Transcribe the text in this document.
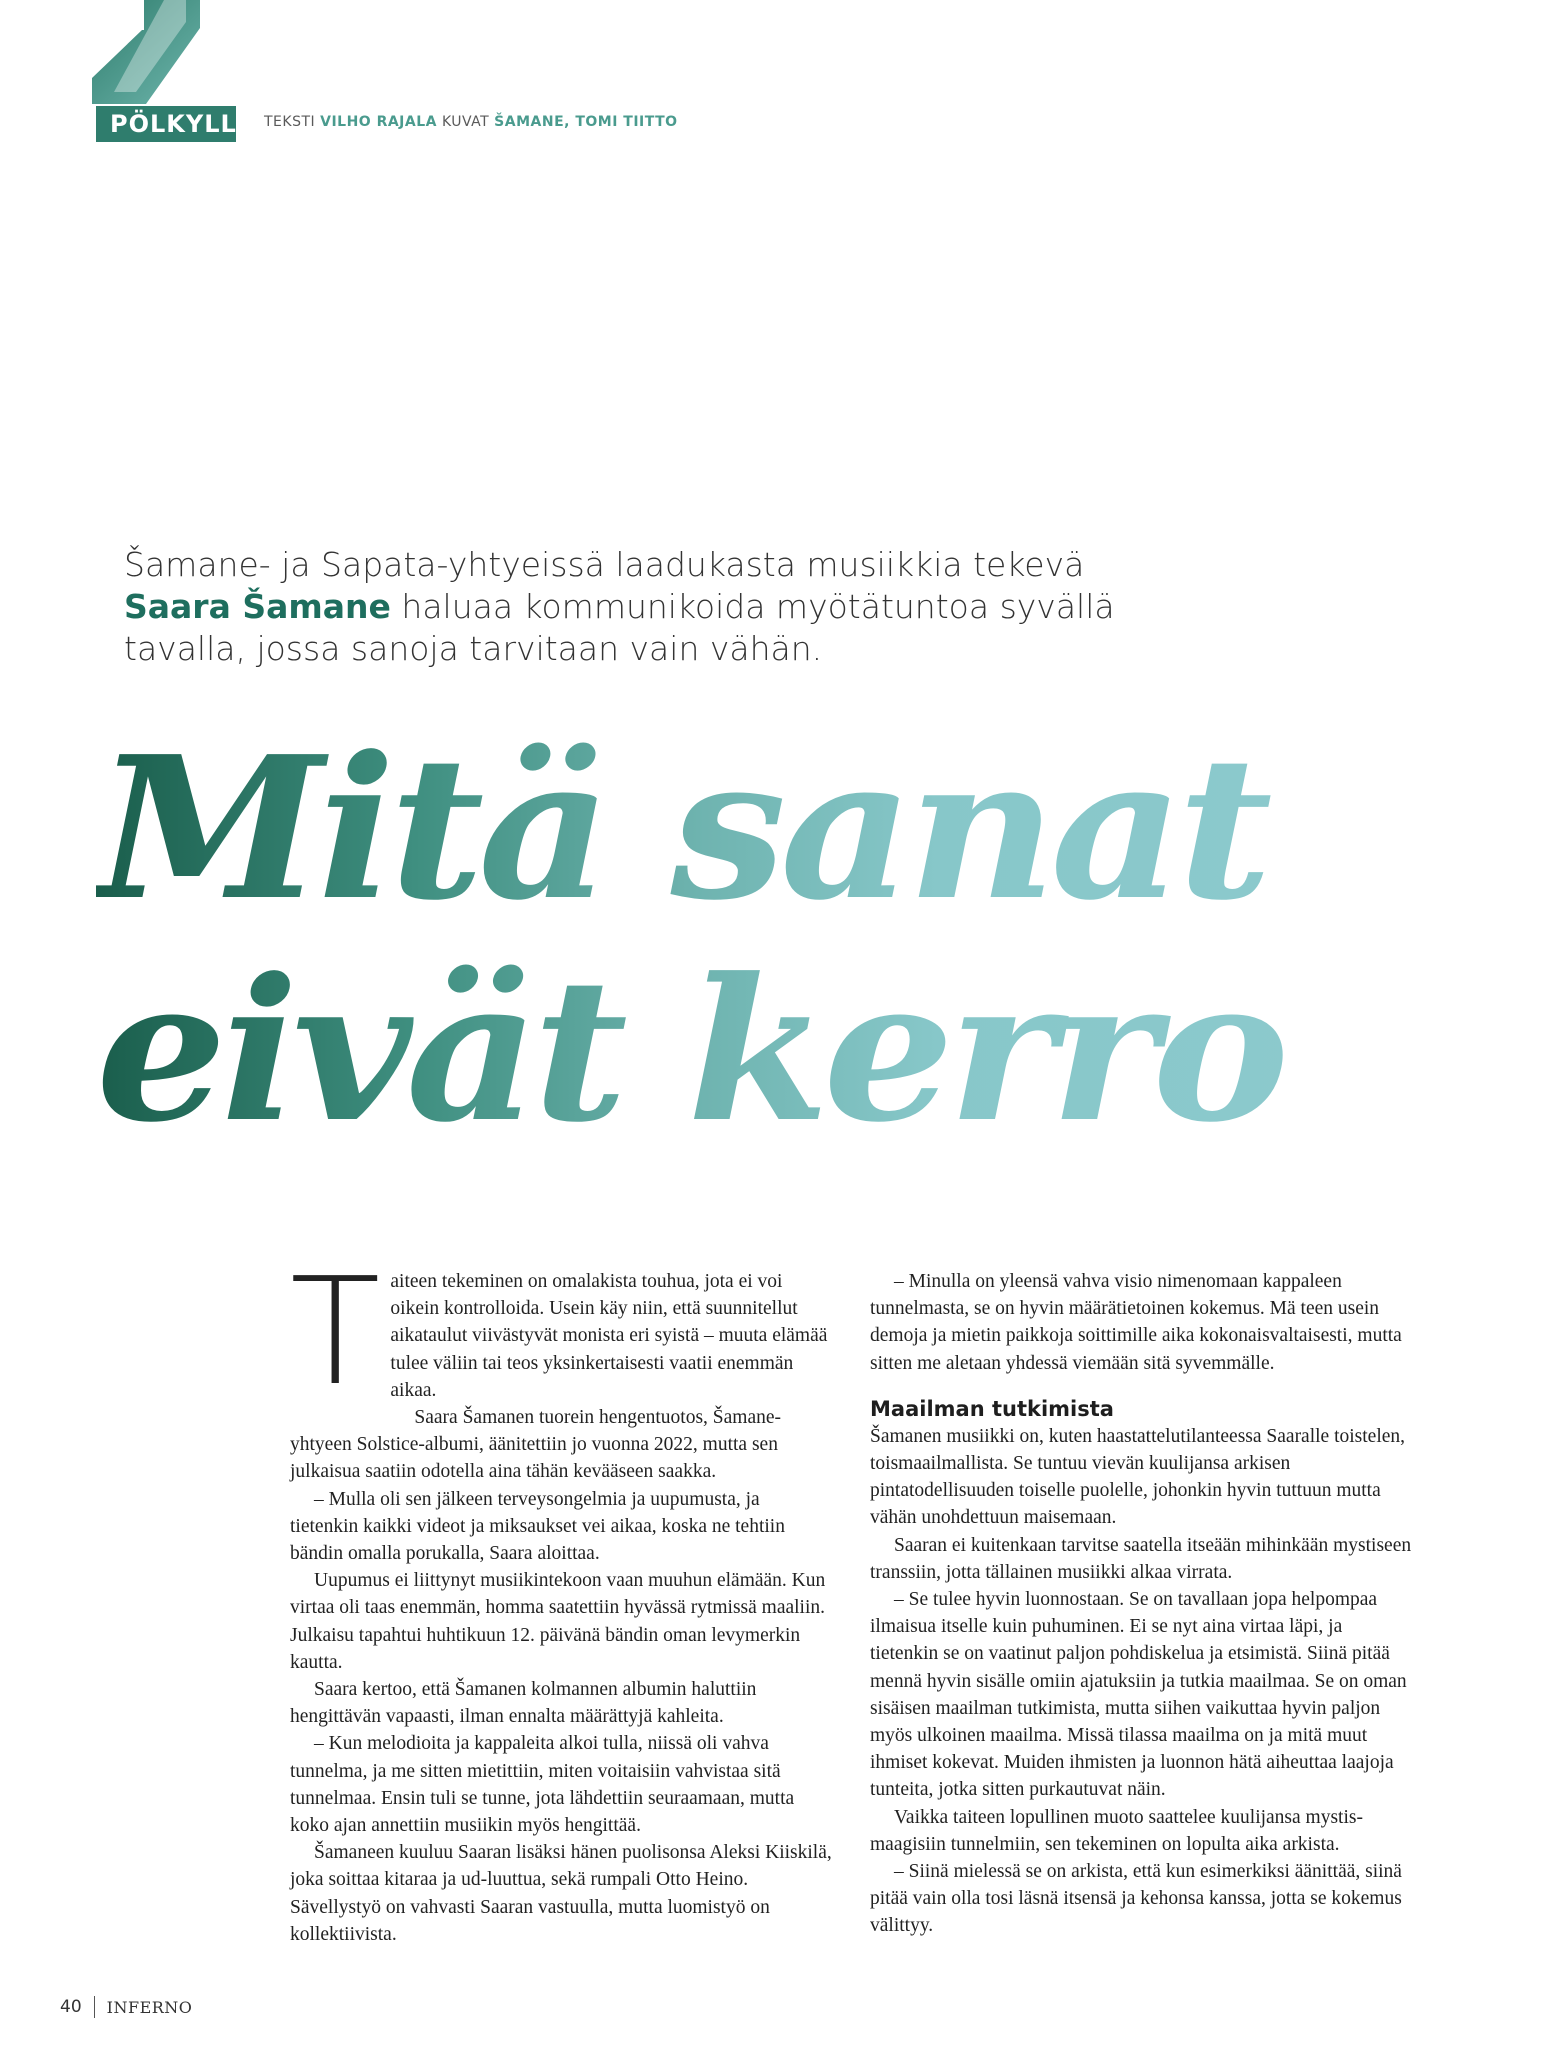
PÖLKYLLÄ TEKSTI VILHO RAJALA KUVAT ŠAMANE, TOMI TIITTO
Šamane- ja Sapata-yhtyeissä laadukasta musiikkia tekevä
Saara Šamane haluaa kommunikoida myötätuntoa syvällä tavalla, jossa sanoja tarvitaan vain vähän.
Mitä sanat
eivät kerro
T aiteen tekeminen on omalakista touhua, jota ei voi oikein kontrolloida. Usein käy niin, että suunnitellut aikataulut viivästyvät monista eri syistä – muuta elämää tulee väliin tai teos yksinkertaisesti vaatii enemmän aikaa.

Saara Šamanen tuorein hengentuotos, Šamane-yhtyeen Solstice-albumi, äänitettiin jo vuonna 2022, mutta sen julkaisua saatiin odotella aina tähän kevääseen saakka.

– Mulla oli sen jälkeen terveysongelmia ja uupumusta, ja tietenkin kaikki videot ja miksaukset vei aikaa, koska ne tehtiin bändin omalla porukalla, Saara aloittaa.

Uupumus ei liittynyt musiikintekoon vaan muuhun elämään. Kun virtaa oli taas enemmän, homma saatettiin hyvässä rytmissä maaliin. Julkaisu tapahtui huhtikuun 12. päivänä bändin oman levymerkin kautta.

Saara kertoo, että Šamanen kolmannen albumin haluttiin hengittävän vapaasti, ilman ennalta määrättyjä kahleita.

– Kun melodioita ja kappaleita alkoi tulla, niissä oli vahva tunnelma, ja me sitten mietittiin, miten voitaisiin vahvistaa sitä tunnelmaa. Ensin tuli se tunne, jota lähdettiin seuraamaan, mutta koko ajan annettiin musiikin myös hengittää.

Šamaneen kuuluu Saaran lisäksi hänen puolisonsa Aleksi Kiiskilä, joka soittaa kitaraa ja ud-luuttua, sekä rumpali Otto Heino. Sävellystyö on vahvasti Saaran vastuulla, mutta luomistyö on kollektiivista.

– Minulla on yleensä vahva visio nimenomaan kappaleen tunnelmasta, se on hyvin määrätietoinen kokemus. Mä teen usein demoja ja mietin paikkoja soittimille aika kokonaisvaltaisesti, mutta sitten me aletaan yhdessä viemään sitä syvemmälle.

Maailman tutkimista

Šamanen musiikki on, kuten haastattelutilanteessa Saaralle toistelen, toismaailmallista. Se tuntuu vievän kuulijansa arkisen pintatodellisuuden toiselle puolelle, johonkin hyvin tuttuun mutta vähän unohdettuun maisemaan.

Saaran ei kuitenkaan tarvitse saatella itseään mihinkään mystiseen transsiin, jotta tällainen musiikki alkaa virrata.

– Se tulee hyvin luonnostaan. Se on tavallaan jopa helpompaa ilmaisua itselle kuin puhuminen. Ei se nyt aina virtaa läpi, ja tietenkin se on vaatinut paljon pohdiskelua ja etsimistä. Siinä pitää mennä hyvin sisälle omiin ajatuksiin ja tutkia maailmaa. Se on oman sisäisen maailman tutkimista, mutta siihen vaikuttaa hyvin paljon myös ulkoinen maailma. Missä tilassa maailma on ja mitä muut ihmiset kokevat. Muiden ihmisten ja luonnon hätä aiheuttaa laajoja tunteita, jotka sitten purkautuvat näin.

Vaikka taiteen lopullinen muoto saattelee kuulijansa mystis-maagisiin tunnelmiin, sen tekeminen on lopulta aika arkista.

– Siinä mielessä se on arkista, että kun esimerkiksi äänittää, siinä pitää vain olla tosi läsnä itsensä ja kehonsa kanssa, jotta se kokemus välittyy.

40 INFERNO
